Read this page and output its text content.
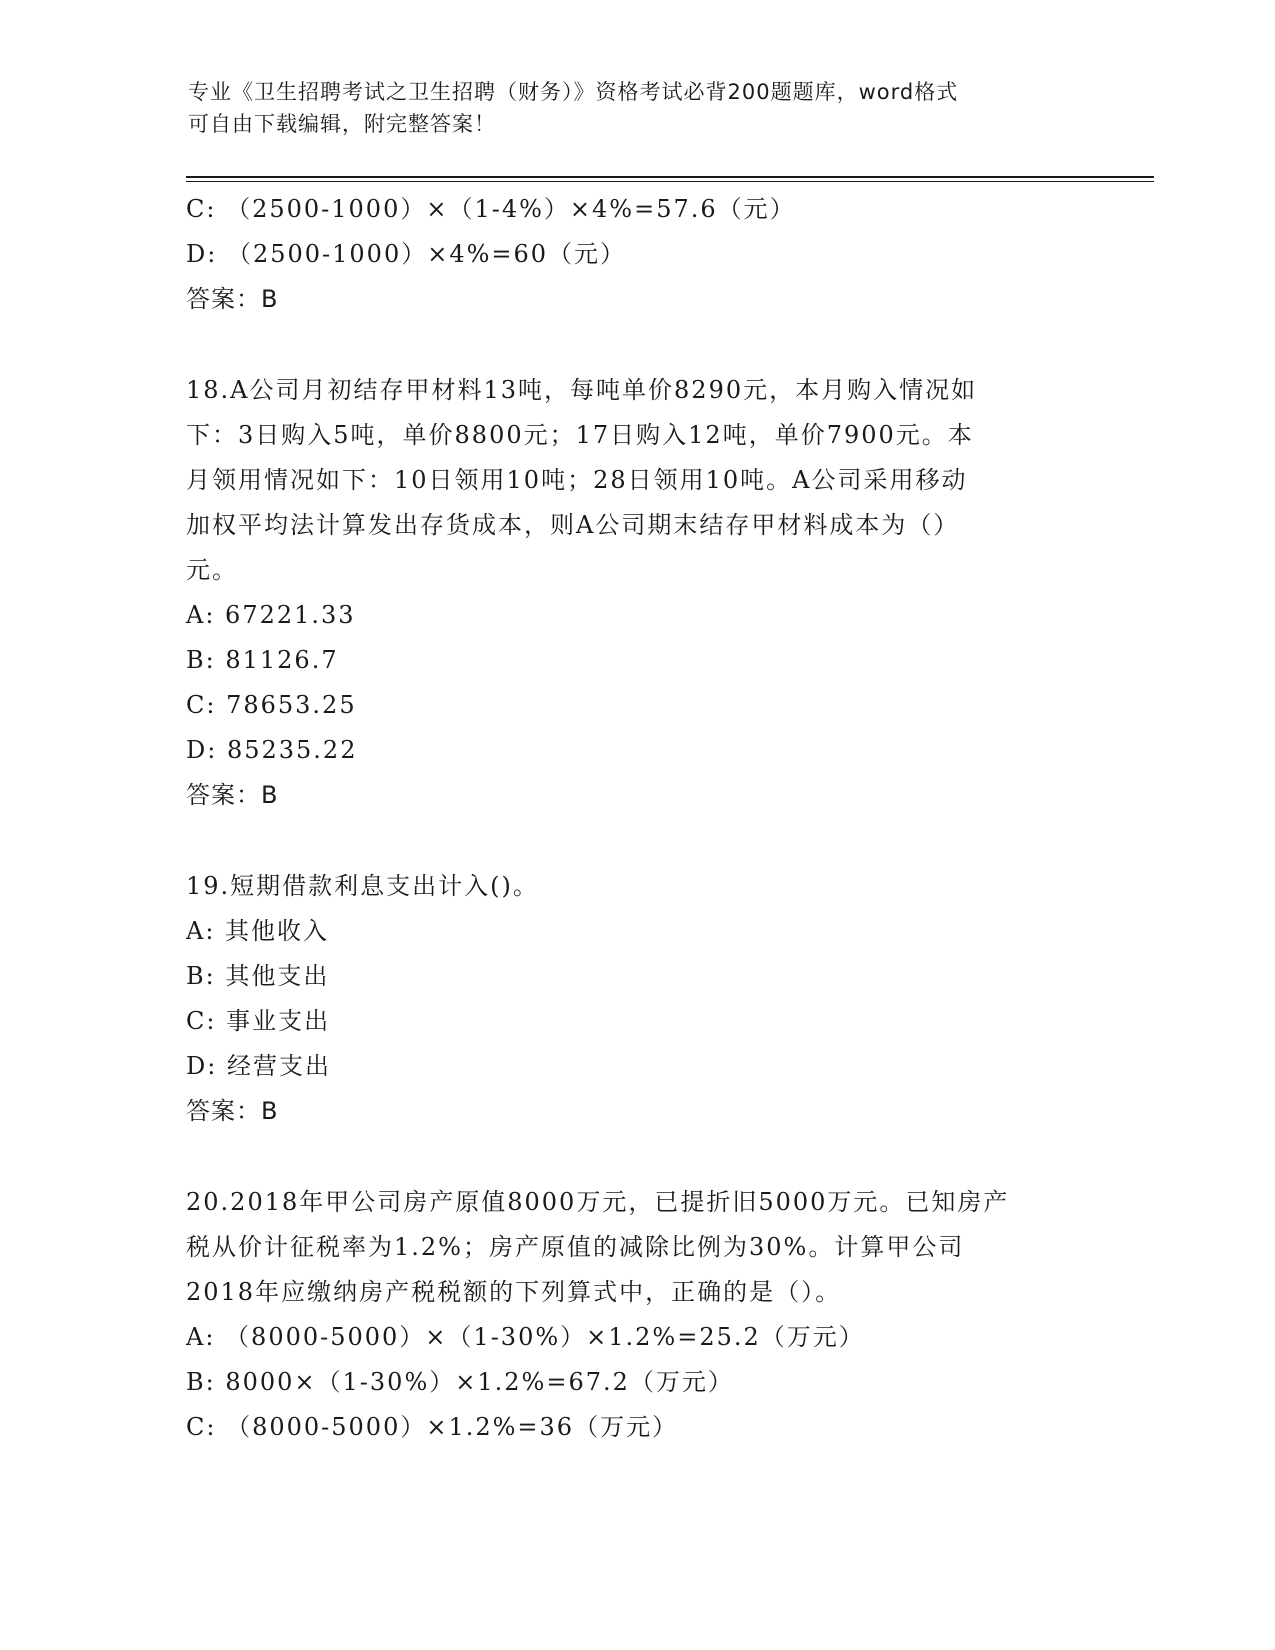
专业《卫生招聘考试之卫生招聘（财务）》资格考试必背200题题库，word格式
可自由下载编辑，附完整答案！
C: （2500-1000）×（1-4%）×4%=57.6（元）
D: （2500-1000）×4%=60（元）
答案：B
18.A公司月初结存甲材料13吨，每吨单价8290元，本月购入情况如
下：3日购入5吨，单价8800元；17日购入12吨，单价7900元。本
月领用情况如下：10日领用10吨；28日领用10吨。A公司采用移动
加权平均法计算发出存货成本，则A公司期末结存甲材料成本为（）
元。
A: 67221.33
B: 81126.7
C: 78653.25
D: 85235.22
答案：B
19.短期借款利息支出计入()。
A: 其他收入
B: 其他支出
C: 事业支出
D: 经营支出
答案：B
20.2018年甲公司房产原值8000万元，已提折旧5000万元。已知房产
税从价计征税率为1.2%；房产原值的减除比例为30%。计算甲公司
2018年应缴纳房产税税额的下列算式中，正确的是（）。
A: （8000-5000）×（1-30%）×1.2%=25.2（万元）
B: 8000×（1-30%）×1.2%=67.2（万元）
C: （8000-5000）×1.2%=36（万元）
